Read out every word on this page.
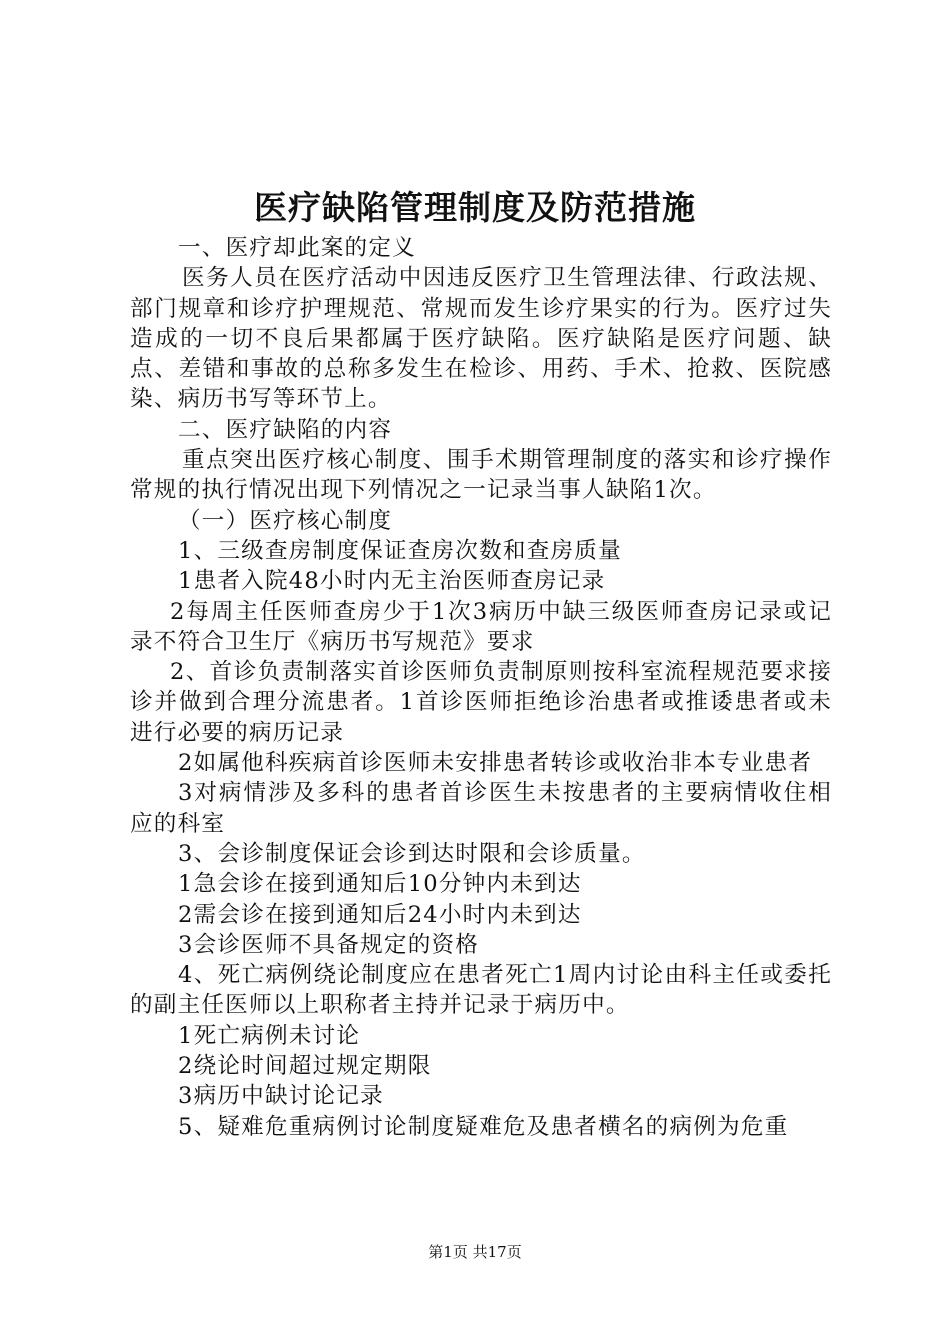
医疗缺陷管理制度及防范措施

一、医疗却此案的定义

医务人员在医疗活动中因违反医疗卫生管理法律、行政法规、部门规章和诊疗护理规范、常规而发生诊疗果实的行为。医疗过失造成的一切不良后果都属于医疗缺陷。医疗缺陷是医疗问题、缺点、差错和事故的总称多发生在检诊、用药、手术、抢救、医院感染、病历书写等环节上。

二、医疗缺陷的内容

重点突出医疗核心制度、围手术期管理制度的落实和诊疗操作常规的执行情况出现下列情况之一记录当事人缺陷1次。

（一）医疗核心制度

1、三级查房制度保证查房次数和查房质量

1患者入院48小时内无主治医师查房记录

2每周主任医师查房少于1次3病历中缺三级医师查房记录或记录不符合卫生厅《病历书写规范》要求

2、首诊负责制落实首诊医师负责制原则按科室流程规范要求接诊并做到合理分流患者。1首诊医师拒绝诊治患者或推诿患者或未进行必要的病历记录

2如属他科疾病首诊医师未安排患者转诊或收治非本专业患者

3对病情涉及多科的患者首诊医生未按患者的主要病情收住相应的科室

3、会诊制度保证会诊到达时限和会诊质量。

1急会诊在接到通知后10分钟内未到达

2需会诊在接到通知后24小时内未到达

3会诊医师不具备规定的资格

4、死亡病例绕论制度应在患者死亡1周内讨论由科主任或委托的副主任医师以上职称者主持并记录于病历中。

1死亡病例未讨论

2绕论时间超过规定期限

3病历中缺讨论记录

5、疑难危重病例讨论制度疑难危及患者横名的病例为危重

第1页 共17页
